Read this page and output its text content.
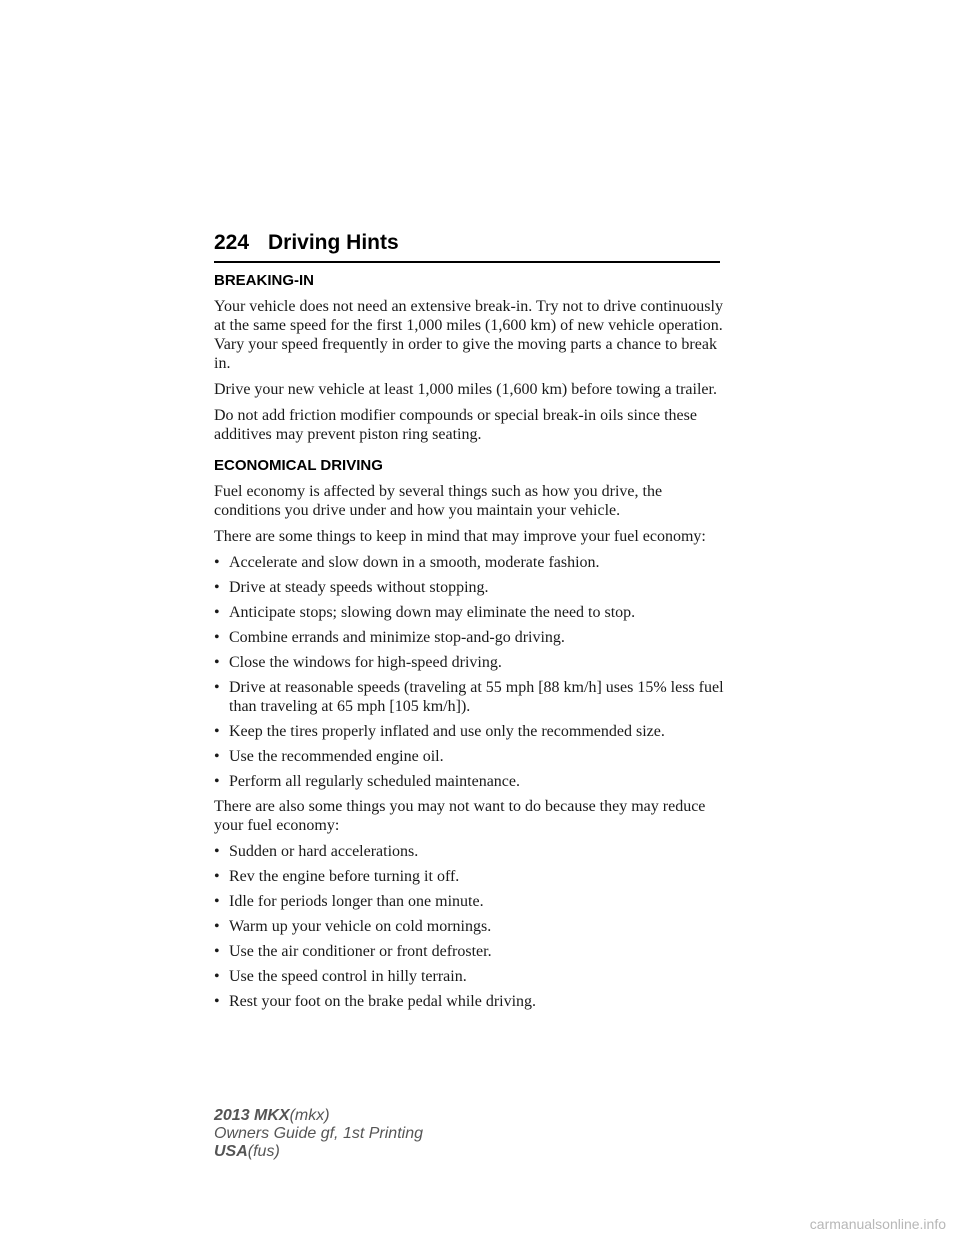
224 Driving Hints
BREAKING-IN

Your vehicle does not need an extensive break-in. Try not to drive continuously at the same speed for the first 1,000 miles (1,600 km) of new vehicle operation. Vary your speed frequently in order to give the moving parts a chance to break in.

Drive your new vehicle at least 1,000 miles (1,600 km) before towing a trailer.

Do not add friction modifier compounds or special break-in oils since these additives may prevent piston ring seating.

ECONOMICAL DRIVING

Fuel economy is affected by several things such as how you drive, the conditions you drive under and how you maintain your vehicle.

There are some things to keep in mind that may improve your fuel economy:

• Accelerate and slow down in a smooth, moderate fashion.
• Drive at steady speeds without stopping.
• Anticipate stops; slowing down may eliminate the need to stop.
• Combine errands and minimize stop-and-go driving.
• Close the windows for high-speed driving.
• Drive at reasonable speeds (traveling at 55 mph [88 km/h] uses 15% less fuel than traveling at 65 mph [105 km/h]).
• Keep the tires properly inflated and use only the recommended size.
• Use the recommended engine oil.
• Perform all regularly scheduled maintenance.

There are also some things you may not want to do because they may reduce your fuel economy:

• Sudden or hard accelerations.
• Rev the engine before turning it off.
• Idle for periods longer than one minute.
• Warm up your vehicle on cold mornings.
• Use the air conditioner or front defroster.
• Use the speed control in hilly terrain.
• Rest your foot on the brake pedal while driving.
2013 MKX(mkx)
Owners Guide gf, 1st Printing
USA(fus)
carmanualsonline.info
